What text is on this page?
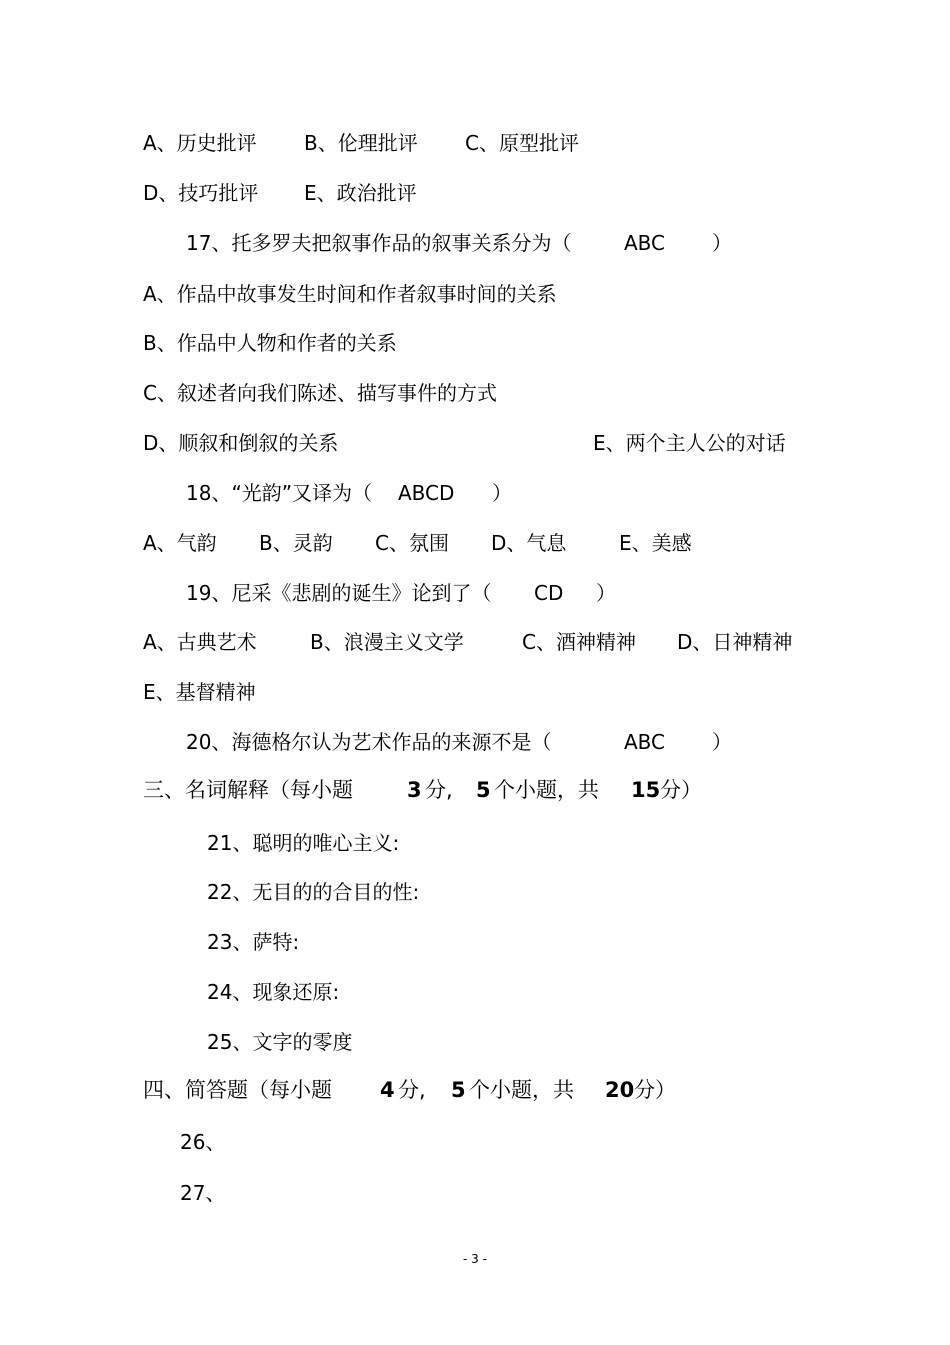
A、历史批评 B、伦理批评 C、原型批评
D、技巧批评 E、政治批评
17、托多罗夫把叙事作品的叙事关系分为（	ABC ）
A、作品中故事发生时间和作者叙事时间的关系
B、作品中人物和作者的关系
C、叙述者向我们陈述、描写事件的方式
D、顺叙和倒叙的关系	E、两个主人公的对话
18、“光韵”又译为（ ABCD ）
A、气韵 B、灵韵 C、氛围 D、气息	E、美感
19、尼采《悲剧的诞生》论到了（ CD ）
A、古典艺术	B、浪漫主义文学	C、酒神精神 D、日神精神
E、基督精神
20、海德格尔认为艺术作品的来源不是（	ABC ）
三、名词解释（每小题	3 分, 5 个小题，共 15 分）
21、聪明的唯心主义:
22、无目的的合目的性:
23、萨特:
24、现象还原:
25、文字的零度
四、简答题（每小题 4 分, 5 个小题，共 20 分）
26、
27、
- 3 -
